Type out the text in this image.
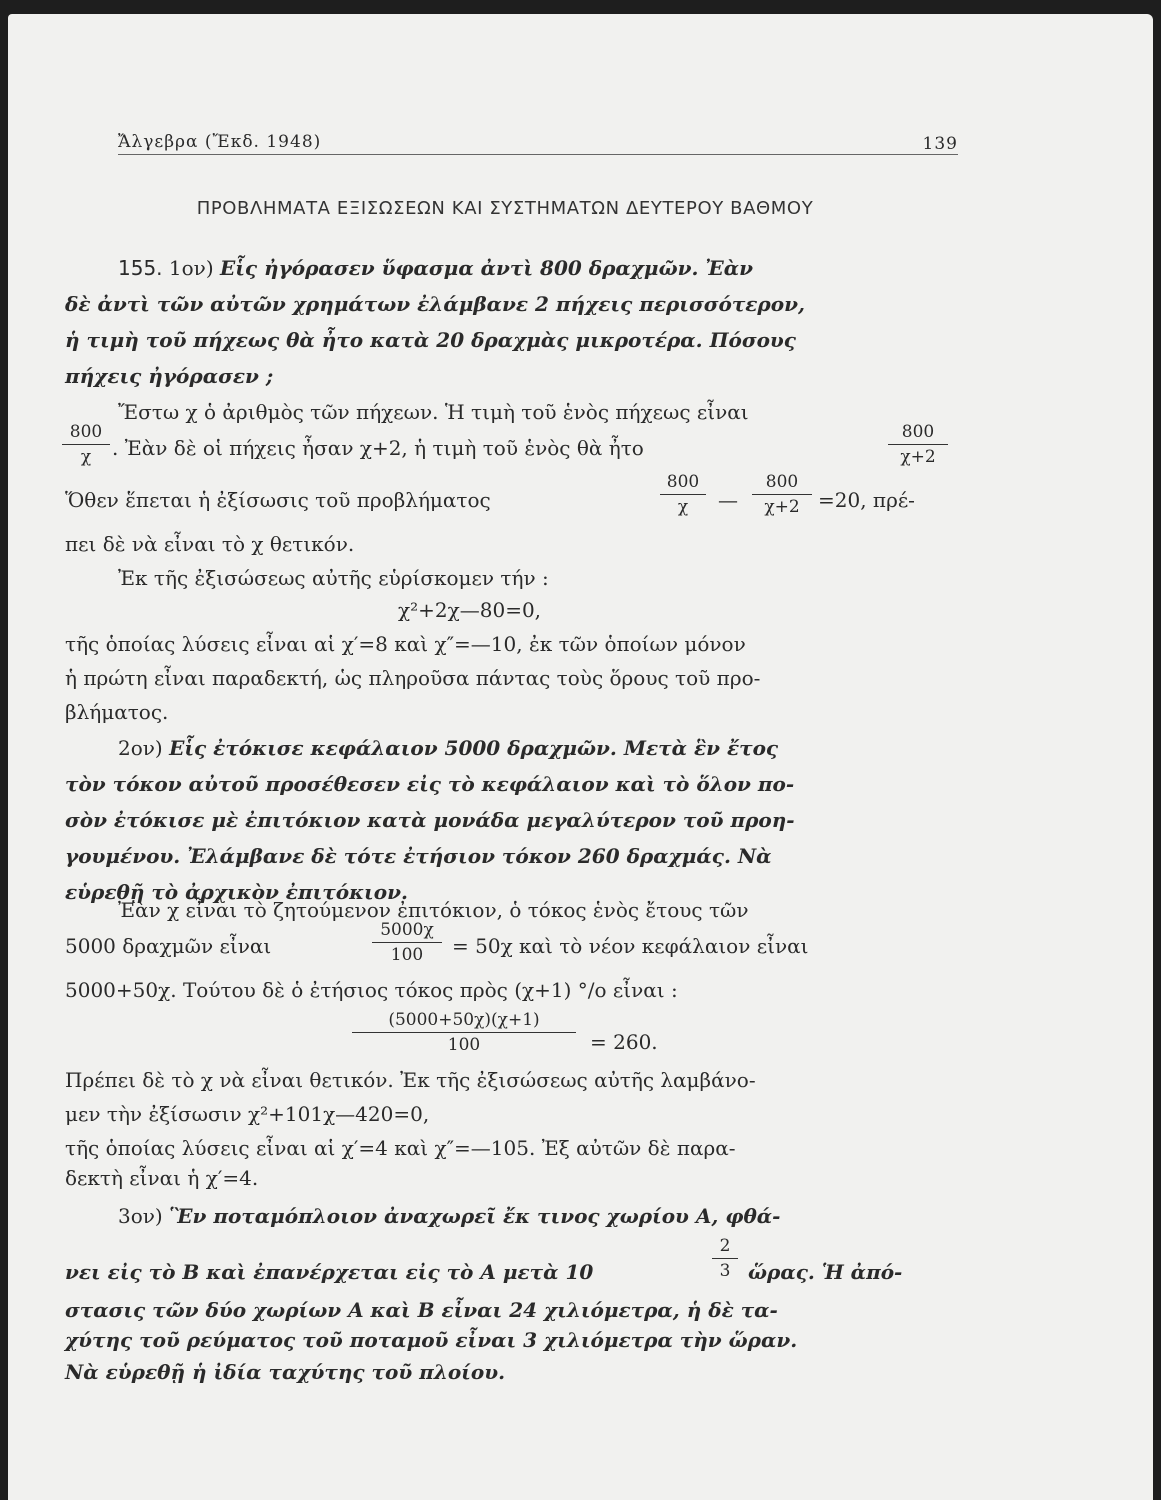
Ἄλγεβρα (Ἔκδ. 1948)	139
ΠΡΟΒΛΗΜΑΤΑ ΕΞΙΣΩΣΕΩΝ ΚΑΙ ΣΥΣΤΗΜΑΤΩΝ ΔΕΥΤΕΡΟΥ ΒΑΘΜΟΥ
155. 1ον) Εἷς ἠγόρασεν ὕφασμα ἀντὶ 800 δραχμῶν. Ἐὰν
δὲ ἀντὶ τῶν αὐτῶν χρημάτων ἐλάμβανε 2 πήχεις περισσότερον,
ἡ τιμὴ τοῦ πήχεως θὰ ἦτο κατὰ 20 δραχμὰς μικροτέρα. Πόσους
πήχεις ἠγόρασεν ;
Ἔστω χ ὁ ἀριθμὸς τῶν πήχεων. Ἡ τιμὴ τοῦ ἑνὸς πήχεως εἶναι
$\frac{800}{\chi}$ . Ἐὰν δὲ οἱ πήχεις ἦσαν χ+2, ἡ τιμὴ τοῦ ἑνὸς θὰ ἦτο	$\frac{800}{\chi+2}$
Ὅθεν ἕπεται ἡ ἐξίσωσις τοῦ προβλήματος	$\frac{800}{\chi}$ — $\frac{800}{\chi+2} =20$, πρέ-
πει δὲ νὰ εἶναι τὸ χ θετικόν.
Ἐκ τῆς ἐξισώσεως αὐτῆς εὑρίσκομεν τήν :
χ²+2χ—80=0,
τῆς ὁποίας λύσεις εἶναι αἱ χ′=8 καὶ χ″=—10, ἐκ τῶν ὁποίων μόνον
ἡ πρώτη εἶναι παραδεκτή, ὡς πληροῦσα πάντας τοὺς ὅρους τοῦ προ-
βλήματος.
2ον) Εἷς ἐτόκισε κεφάλαιον 5000 δραχμῶν. Μετὰ ἓν ἔτος
τὸν τόκον αὐτοῦ προσέθεσεν εἰς τὸ κεφάλαιον καὶ τὸ ὅλον πο-
σὸν ἐτόκισε μὲ ἐπιτόκιον κατὰ μονάδα μεγαλύτερον τοῦ προη-
γουμένου. Ἐλάμβανε δὲ τότε ἐτήσιον τόκον 260 δραχμάς. Νὰ
εὑρεθῇ τὸ ἀρχικὸν ἐπιτόκιον.
Ἐὰν χ εἶναι τὸ ζητούμενον ἐπιτόκιον, ὁ τόκος ἑνὸς ἔτους τῶν
5000 δραχμῶν εἶναι	$\frac{5000\chi}{100} = 50\chi$ καὶ τὸ νέον κεφάλαιον εἶναι
5000+50χ. Τούτου δὲ ὁ ἐτήσιος τόκος πρὸς (χ+1) °/ο εἶναι :
$\frac{(5000+50\chi)(\chi+1)}{100} = 260$.
Πρέπει δὲ τὸ χ νὰ εἶναι θετικόν. Ἐκ τῆς ἐξισώσεως αὐτῆς λαμβάνο-
μεν τὴν ἐξίσωσιν χ²+101χ—420=0,
τῆς ὁποίας λύσεις εἶναι αἱ χ′=4 καὶ χ″=—105. Ἐξ αὐτῶν δὲ παρα-
δεκτὴ εἶναι ἡ χ′=4.
3ον) Ἓν ποταμόπλοιον ἀναχωρεῖ ἔκ τινος χωρίου Α, φθά-
νει εἰς τὸ Β καὶ ἐπανέρχεται εἰς τὸ Α μετὰ 10	$\frac{2}{3}$ ὥρας. Ἡ ἀπό-
στασις τῶν δύο χωρίων Α καὶ Β εἶναι 24 χιλιόμετρα, ἡ δὲ τα-
χύτης τοῦ ρεύματος τοῦ ποταμοῦ εἶναι 3 χιλιόμετρα τὴν ὥραν.
Νὰ εὑρεθῇ ἡ ἰδία ταχύτης τοῦ πλοίου.
